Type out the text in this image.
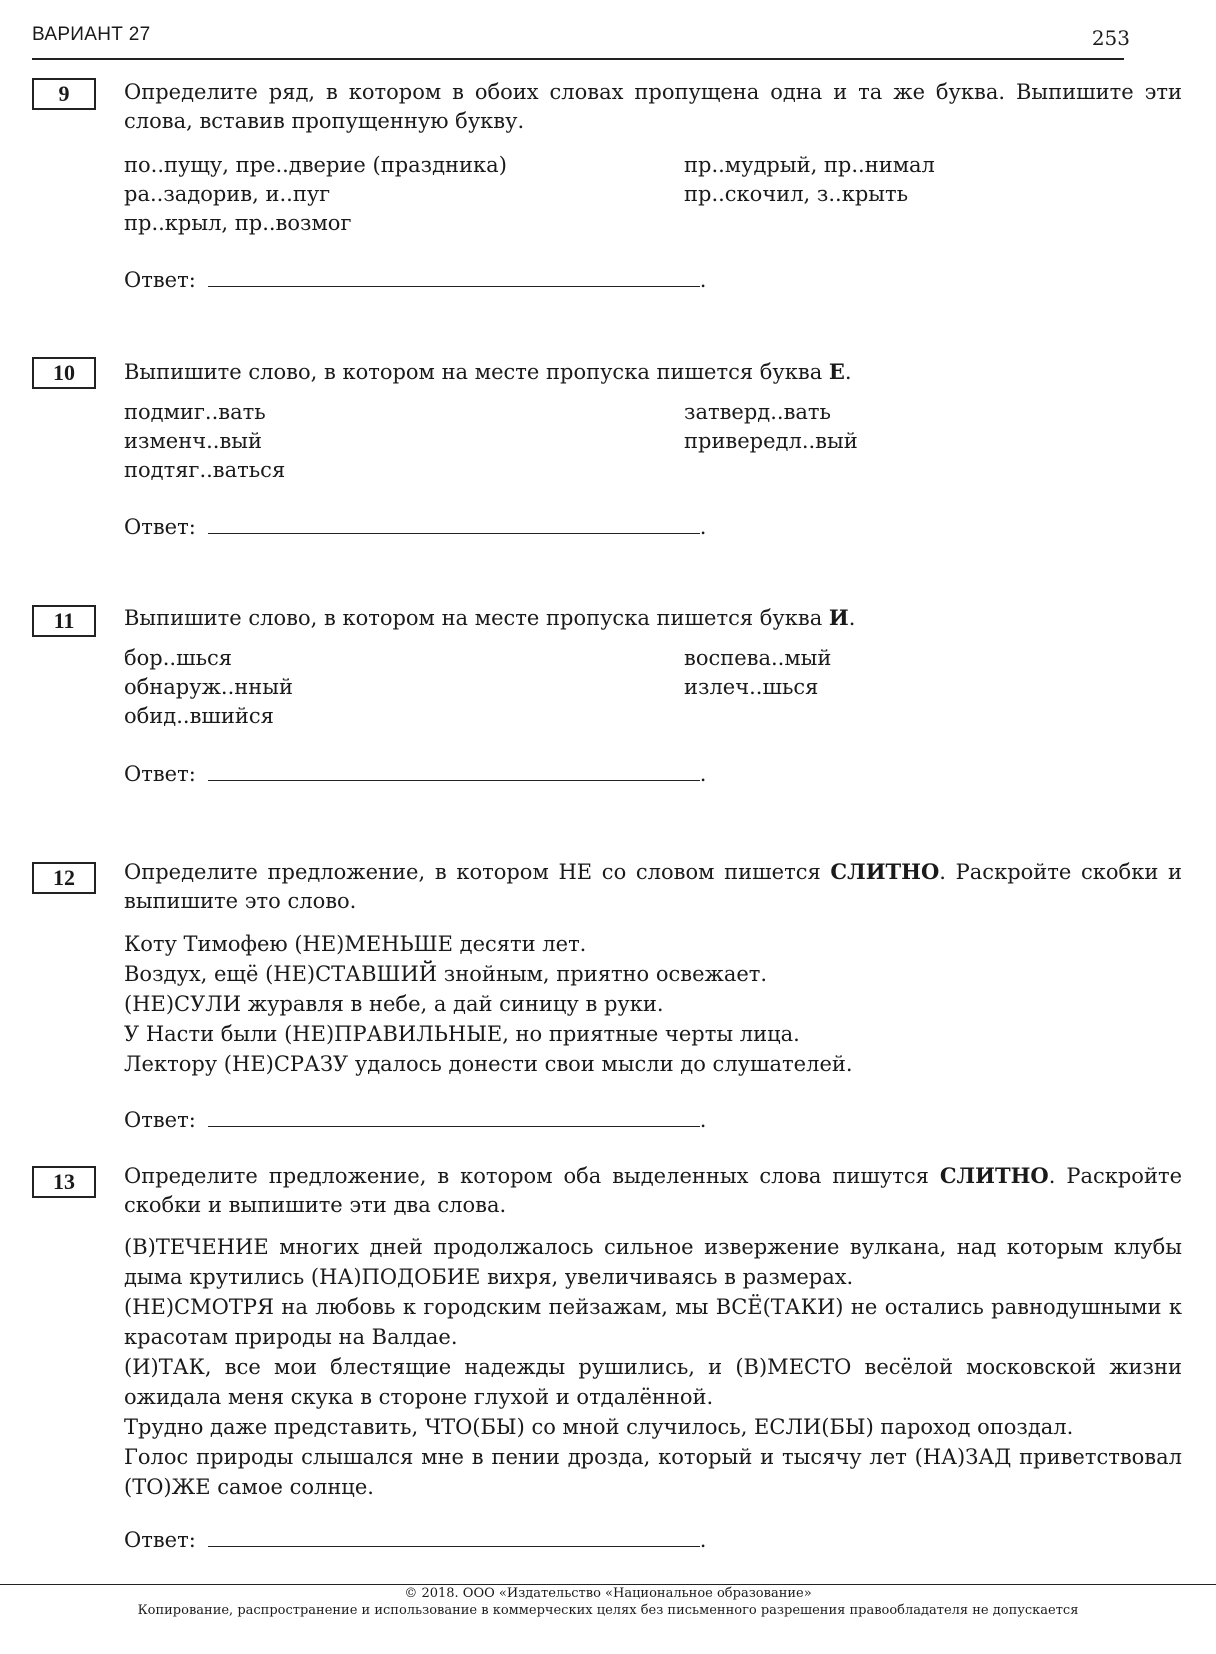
ВАРИАНТ 27	253
9	Определите ряд, в котором в обоих словах пропущена одна и та же буква. Выпишите эти слова, вставив пропущенную букву.
по..пущу, пре..дверие (праздника)
ра..задорив, и..пуг
пр..крыл, пр..возмог
пр..мудрый, пр..нимал
пр..скочил, з..крыть
Ответ:	.
10	Выпишите слово, в котором на месте пропуска пишется буква Е.
подмиг..вать
изменч..вый
подтяг..ваться
затверд..вать
привередл..вый
Ответ:	.
11	Выпишите слово, в котором на месте пропуска пишется буква И.
бор..шься
обнаруж..нный
обид..вшийся
воспева..мый
излеч..шься
Ответ:	.
12	Определите предложение, в котором НЕ со словом пишется СЛИТНО. Раскройте скобки и выпишите это слово.

Коту Тимофею (НЕ)МЕНЬШЕ десяти лет.

Воздух, ещё (НЕ)СТАВШИЙ знойным, приятно освежает.

(НЕ)СУЛИ журавля в небе, а дай синицу в руки.

У Насти были (НЕ)ПРАВИЛЬНЫЕ, но приятные черты лица.

Лектору (НЕ)СРАЗУ удалось донести свои мысли до слушателей.

Ответ:	.
13	Определите предложение, в котором оба выделенных слова пишутся СЛИТНО. Раскройте скобки и выпишите эти два слова.

(В)ТЕЧЕНИЕ многих дней продолжалось сильное извержение вулкана, над которым клубы дыма крутились (НА)ПОДОБИЕ вихря, увеличиваясь в размерах.

(НЕ)СМОТРЯ на любовь к городским пейзажам, мы ВСЁ(ТАКИ) не остались равнодушными к красотам природы на Валдае.

(И)ТАК, все мои блестящие надежды рушились, и (В)МЕСТО весёлой московской жизни ожидала меня скука в стороне глухой и отдалённой.

Трудно даже представить, ЧТО(БЫ) со мной случилось, ЕСЛИ(БЫ) пароход опоздал.

Голос природы слышался мне в пении дрозда, который и тысячу лет (НА)ЗАД приветствовал (ТО)ЖЕ самое солнце.

Ответ:	.
© 2018. ООО «Издательство «Национальное образование»
Копирование, распространение и использование в коммерческих целях без письменного разрешения правообладателя не допускается
